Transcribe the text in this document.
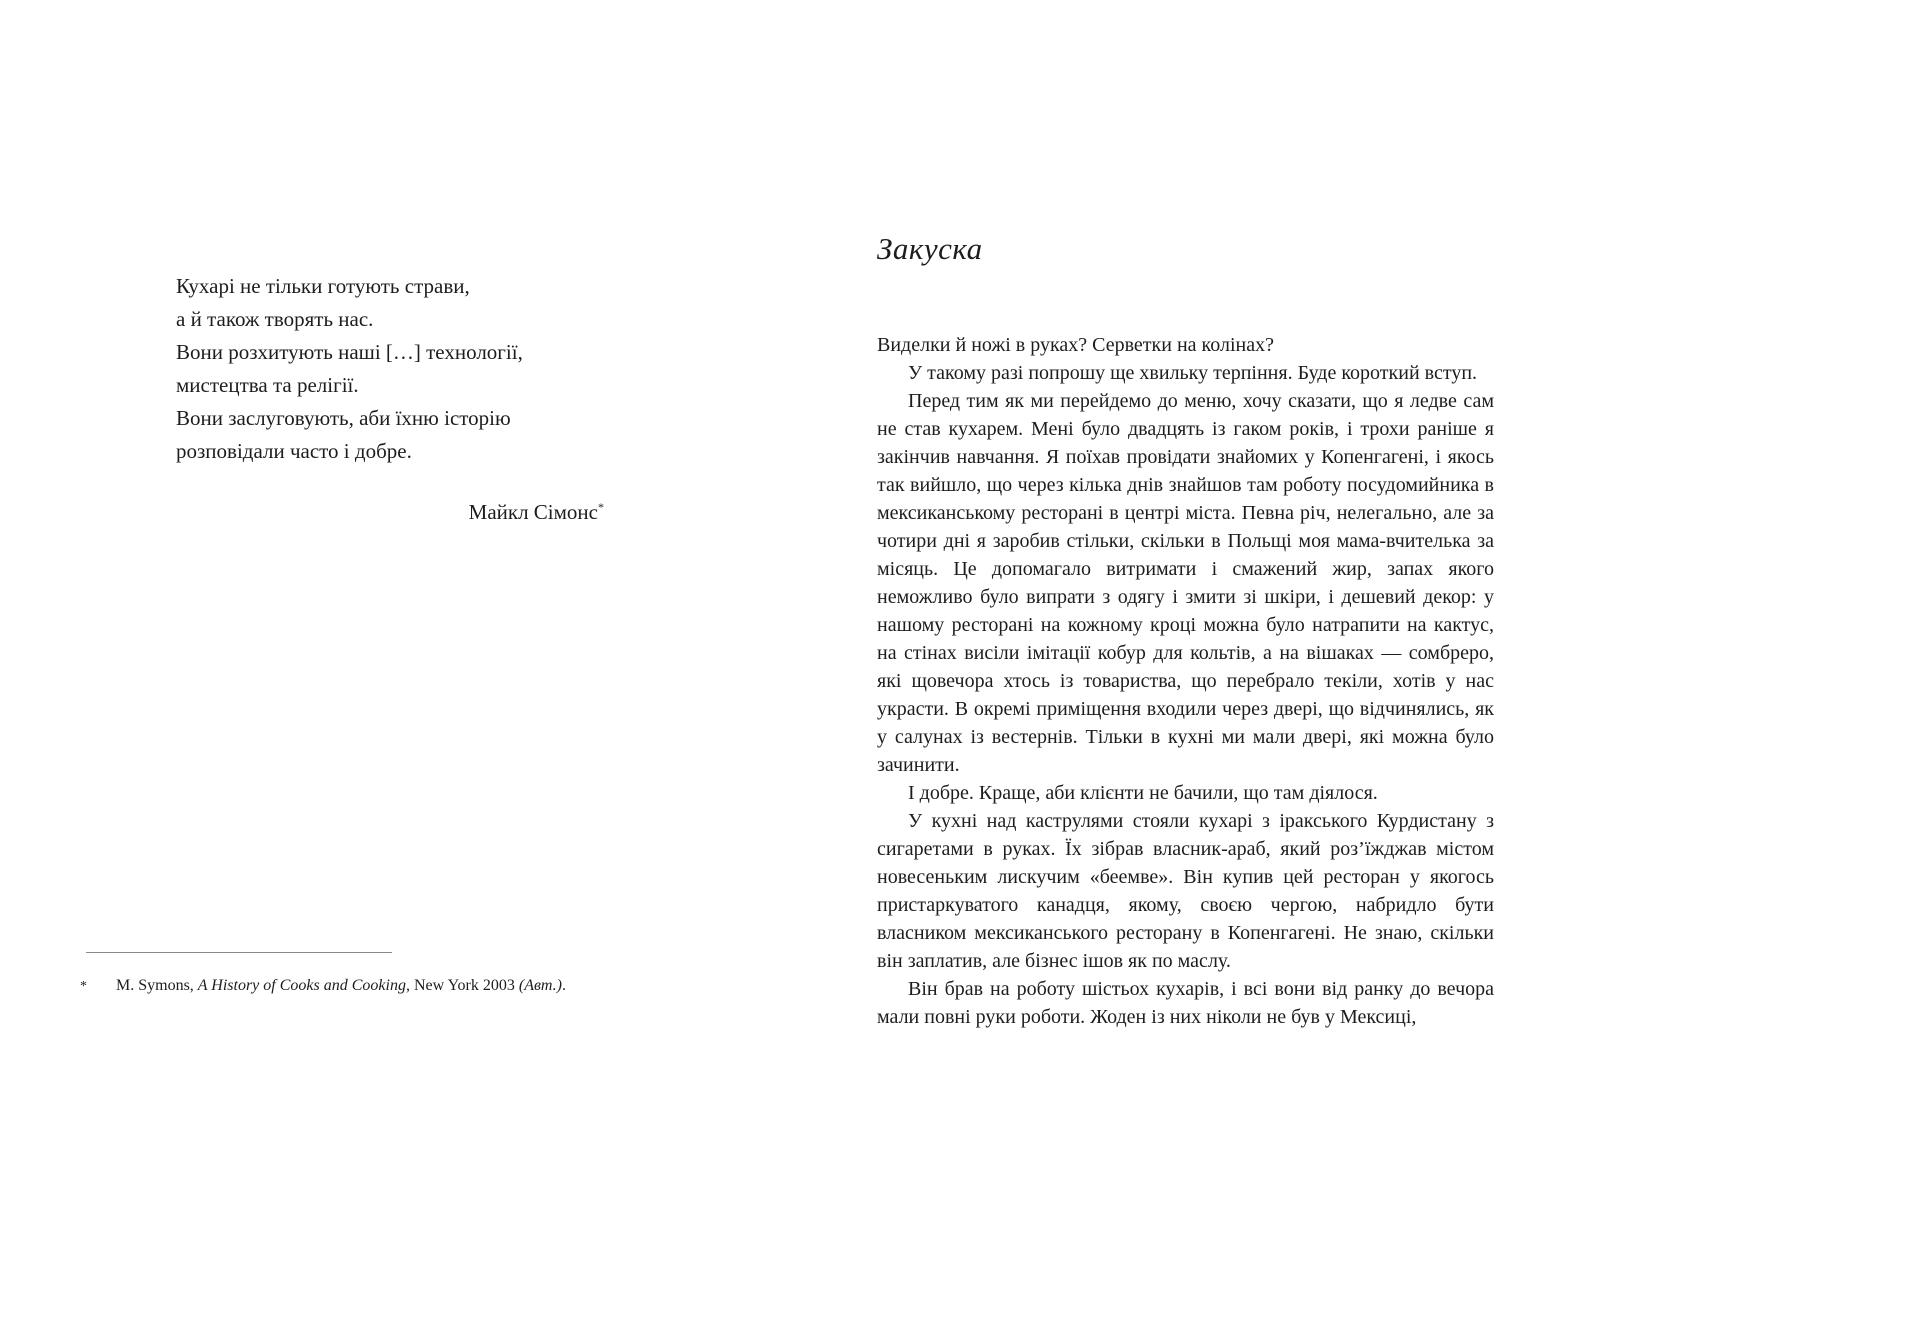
Кухарі не тільки готують страви,
а й також творять нас.
Вони розхитують наші […] технології,
мистецтва та релігії.
Вони заслуговують, аби їхню історію
розповідали часто і добре.
Майкл Сімонс*
*	M. Symons, A History of Cooks and Cooking, New York 2003 (Авт.).
Закуска

Виделки й ножі в руках? Серветки на колінах?

У такому разі попрошу ще хвильку терпіння. Буде короткий вступ.

Перед тим як ми перейдемо до меню, хочу сказати, що я ледве сам не став кухарем. Мені було двадцять із гаком років, і трохи раніше я закінчив навчання. Я поїхав провідати знайомих у Копенгагені, і якось так вийшло, що через кілька днів знайшов там роботу посудомийника в мексиканському ресторані в центрі міста. Певна річ, нелегально, але за чотири дні я заробив стільки, скільки в Польщі моя мама-вчителька за місяць. Це допомагало витримати і смажений жир, запах якого неможливо було випрати з одягу і змити зі шкіри, і дешевий декор: у нашому ресторані на кожному кроці можна було натрапити на кактус, на стінах висіли імітації кобур для кольтів, а на вішаках — сомбреро, які щовечора хтось із товариства, що перебрало текіли, хотів у нас украсти. В окремі приміщення входили через двері, що відчинялись, як у салунах із вестернів. Тільки в кухні ми мали двері, які можна було зачинити.

І добре. Краще, аби клієнти не бачили, що там діялося.

У кухні над каструлями стояли кухарі з іракського Курдистану з сигаретами в руках. Їх зібрав власник-араб, який роз’їжджав містом новесеньким лискучим «беемве». Він купив цей ресторан у якогось пристаркуватого канадця, якому, своєю чергою, набридло бути власником мексиканського ресторану в Копенгагені. Не знаю, скільки він заплатив, але бізнес ішов як по маслу.

Він брав на роботу шістьох кухарів, і всі вони від ранку до вечора мали повні руки роботи. Жоден із них ніколи не був у Мексиці,
